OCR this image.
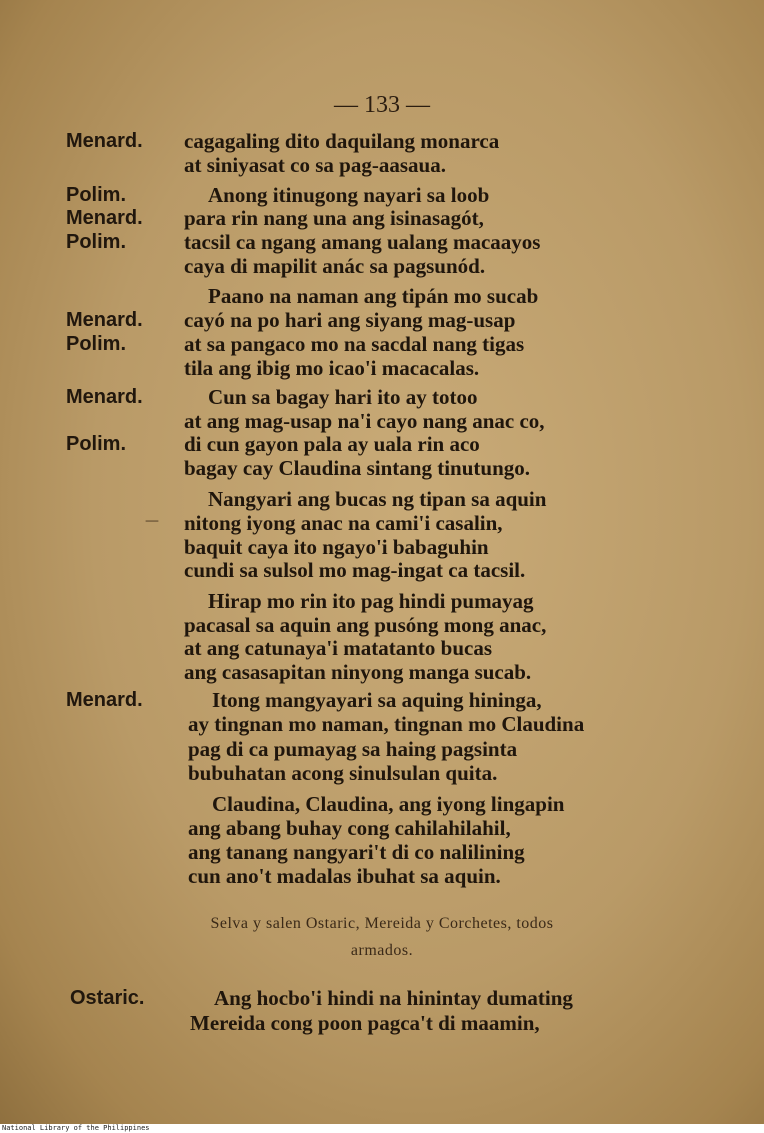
— 133 —
Menard.
Polim.
Menard.
Polim.
Menard.
Polim.
Menard.
Polim.
Menard.
Ostaric.
cagagaling dito daquilang monarca
at siniyasat co sa pag-aasaua.
Anong itinugong nayari sa loob
para rin nang una ang isinasagót,
tacsil ca ngang amang ualang macaayos
caya di mapilit anác sa pagsunód.
Paano na naman ang tipán mo sucab
cayó na po hari ang siyang mag-usap
at sa pangaco mo na sacdal nang tigas
tila ang ibig mo icao'i macacalas.
Cun sa bagay hari ito ay totoo
at ang mag-usap na'i cayo nang anac co,
di cun gayon pala ay uala rin aco
bagay cay Claudina sintang tinutungo.
Nangyari ang bucas ng tipan sa aquin
— nitong iyong anac na cami'i casalin,
baquit caya ito ngayo'i babaguhin
cundi sa sulsol mo mag-ingat ca tacsil.
Hirap mo rin ito pag hindi pumayag
pacasal sa aquin ang pusóng mong anac,
at ang catunaya'i matatanto bucas
ang casasapitan ninyong manga sucab.
Itong mangyayari sa aquing hininga,
ay tingnan mo naman, tingnan mo Claudina
pag di ca pumayag sa haing pagsinta
bubuhatan acong sinulsulan quita.
Claudina, Claudina, ang iyong lingapin
ang abang buhay cong cahilahilahil,
ang tanang nangyari't di co nalilining
cun ano't madalas ibuhat sa aquin.
Selva y salen Ostaric, Mereida y Corchetes, todos
armados.
Ang hocbo'i hindi na hinintay dumating
Mereida cong poon pagca't di maamin,
National Library of the Philippines
